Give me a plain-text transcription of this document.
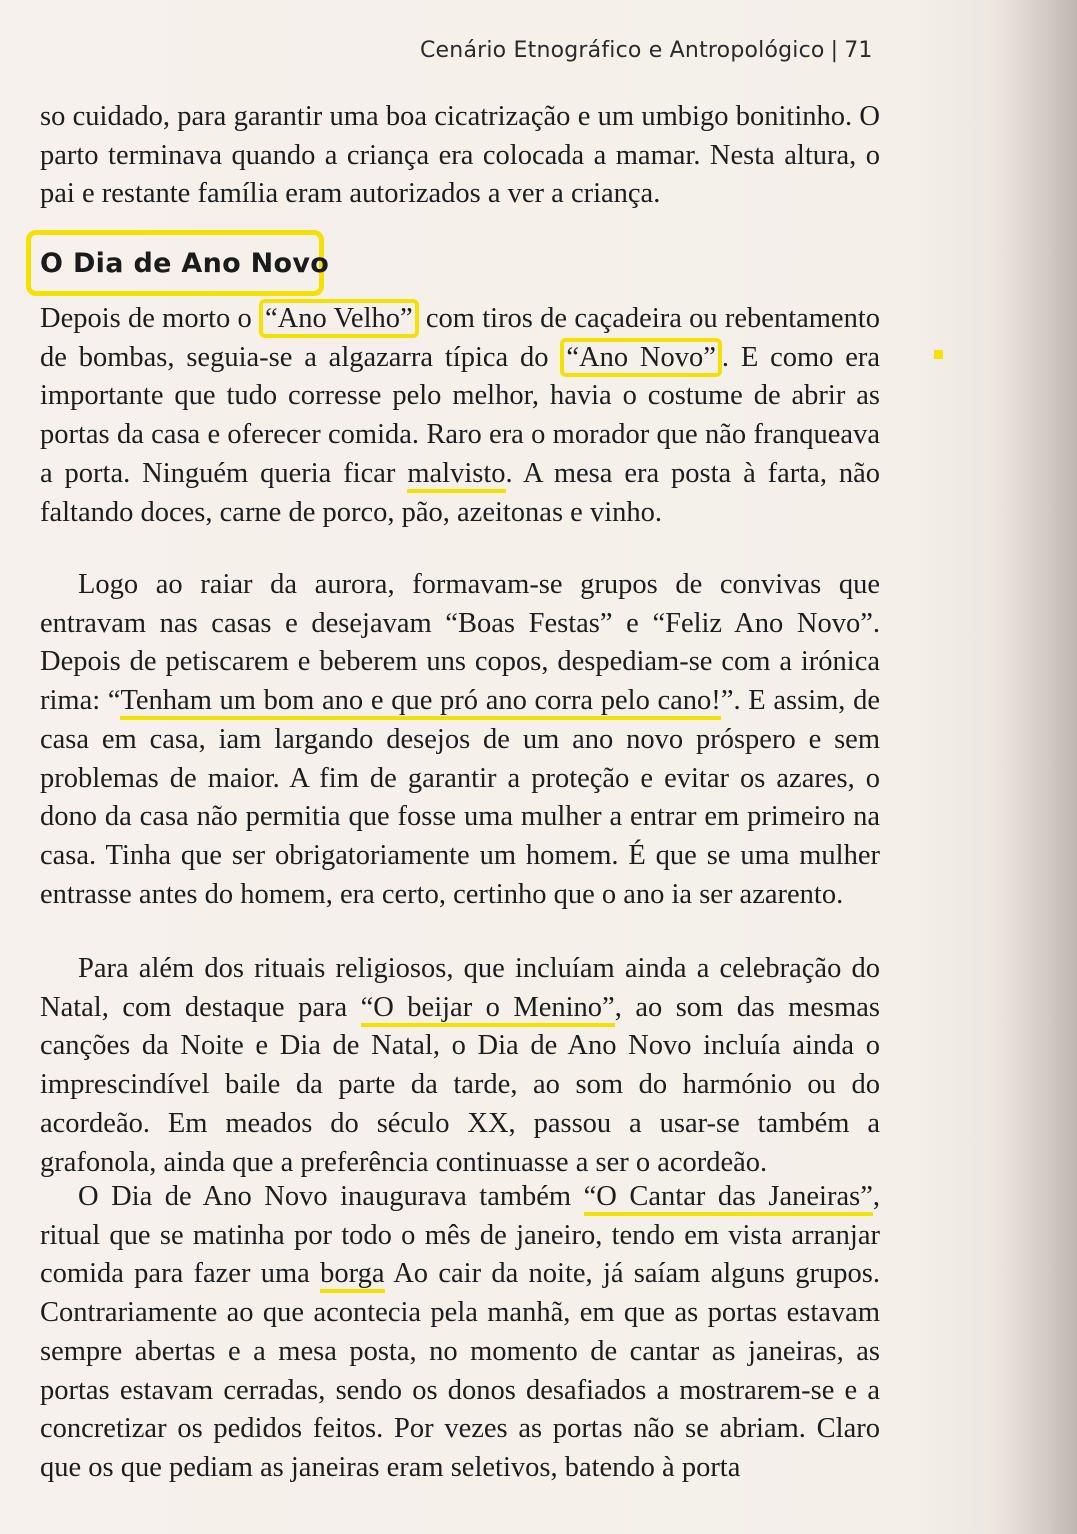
Cenário Etnográfico e Antropológico | 71

so cuidado, para garantir uma boa cicatrização e um umbigo bonitinho. O parto terminava quando a criança era colocada a mamar. Nesta altura, o pai e restante família eram autorizados a ver a criança.

O Dia de Ano Novo

Depois de morto o “Ano Velho” com tiros de caçadeira ou rebentamento de bombas, seguia-se a algazarra típica do “Ano Novo” . E como era importante que tudo corresse pelo melhor, havia o costume de abrir as portas da casa e oferecer comida. Raro era o morador que não franqueava a porta. Ninguém queria ficar malvisto. A mesa era posta à farta, não faltando doces, carne de porco, pão, azeitonas e vinho.

Logo ao raiar da aurora, formavam-se grupos de convivas que entravam nas casas e desejavam “Boas Festas” e “Feliz Ano Novo”. Depois de petiscarem e beberem uns copos, despediam-se com a irónica rima: “Tenham um bom ano e que pró ano corra pelo cano!”. E assim, de casa em casa, iam largando desejos de um ano novo próspero e sem problemas de maior. A fim de garantir a proteção e evitar os azares, o dono da casa não permitia que fosse uma mulher a entrar em primeiro na casa. Tinha que ser obrigatoriamente um homem. É que se uma mulher entrasse antes do homem, era certo, certinho que o ano ia ser azarento.

Para além dos rituais religiosos, que incluíam ainda a celebração do Natal, com destaque para “O beijar o Menino”, ao som das mesmas canções da Noite e Dia de Natal, o Dia de Ano Novo incluía ainda o imprescindível baile da parte da tarde, ao som do harmónio ou do acordeão. Em meados do século XX, passou a usar-se também a grafonola, ainda que a preferência continuasse a ser o acordeão.

O Dia de Ano Novo inaugurava também “O Cantar das Janeiras”, ritual que se matinha por todo o mês de janeiro, tendo em vista arranjar comida para fazer uma borga Ao cair da noite, já saíam alguns grupos. Contrariamente ao que acontecia pela manhã, em que as portas estavam sempre abertas e a mesa posta, no momento de cantar as janeiras, as portas estavam cerradas, sendo os donos desafiados a mostrarem-se e a concretizar os pedidos feitos. Por vezes as portas não se abriam. Claro que os que pediam as janeiras eram seletivos, batendo à porta
